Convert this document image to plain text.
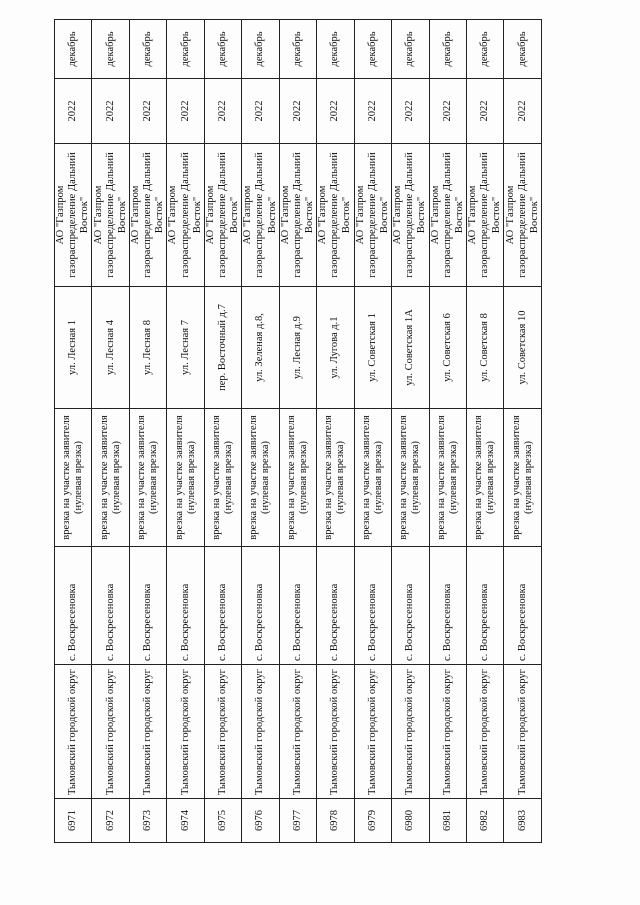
6971	Тымовский городской округ	с. Воскресеновка	врезка на участке заявителя (нулевая врезка)	ул. Лесная 1	АО "Газпром газораспределение Дальний Восток"	2022	декабрь
6972	Тымовский городской округ	с. Воскресеновка	врезка на участке заявителя (нулевая врезка)	ул. Лесная 4	АО "Газпром газораспределение Дальний Восток"	2022	декабрь
6973	Тымовский городской округ	с. Воскресеновка	врезка на участке заявителя (нулевая врезка)	ул. Лесная 8	АО "Газпром газораспределение Дальний Восток"	2022	декабрь
6974	Тымовский городской округ	с. Воскресеновка	врезка на участке заявителя (нулевая врезка)	ул. Лесная 7	АО "Газпром газораспределение Дальний Восток"	2022	декабрь
6975	Тымовский городской округ	с. Воскресеновка	врезка на участке заявителя (нулевая врезка)	пер. Восточный д.7	АО "Газпром газораспределение Дальний Восток"	2022	декабрь
6976	Тымовский городской округ	с. Воскресеновка	врезка на участке заявителя (нулевая врезка)	ул. Зеленая д.8,	АО "Газпром газораспределение Дальний Восток"	2022	декабрь
6977	Тымовский городской округ	с. Воскресеновка	врезка на участке заявителя (нулевая врезка)	ул. Лесная д.9	АО "Газпром газораспределение Дальний Восток"	2022	декабрь
6978	Тымовский городской округ	с. Воскресеновка	врезка на участке заявителя (нулевая врезка)	ул. Лугова д.1	АО "Газпром газораспределение Дальний Восток"	2022	декабрь
6979	Тымовский городской округ	с. Воскресеновка	врезка на участке заявителя (нулевая врезка)	ул. Советская 1	АО "Газпром газораспределение Дальний Восток"	2022	декабрь
6980	Тымовский городской округ	с. Воскресеновка	врезка на участке заявителя (нулевая врезка)	ул. Советская 1А	АО "Газпром газораспределение Дальний Восток"	2022	декабрь
6981	Тымовский городской округ	с. Воскресеновка	врезка на участке заявителя (нулевая врезка)	ул. Советская 6	АО "Газпром газораспределение Дальний Восток"	2022	декабрь
6982	Тымовский городской округ	с. Воскресеновка	врезка на участке заявителя (нулевая врезка)	ул. Советская 8	АО "Газпром газораспределение Дальний Восток"	2022	декабрь
6983	Тымовский городской округ	с. Воскресеновка	врезка на участке заявителя (нулевая врезка)	ул. Советская 10	АО "Газпром газораспределение Дальний Восток"	2022	декабрь
